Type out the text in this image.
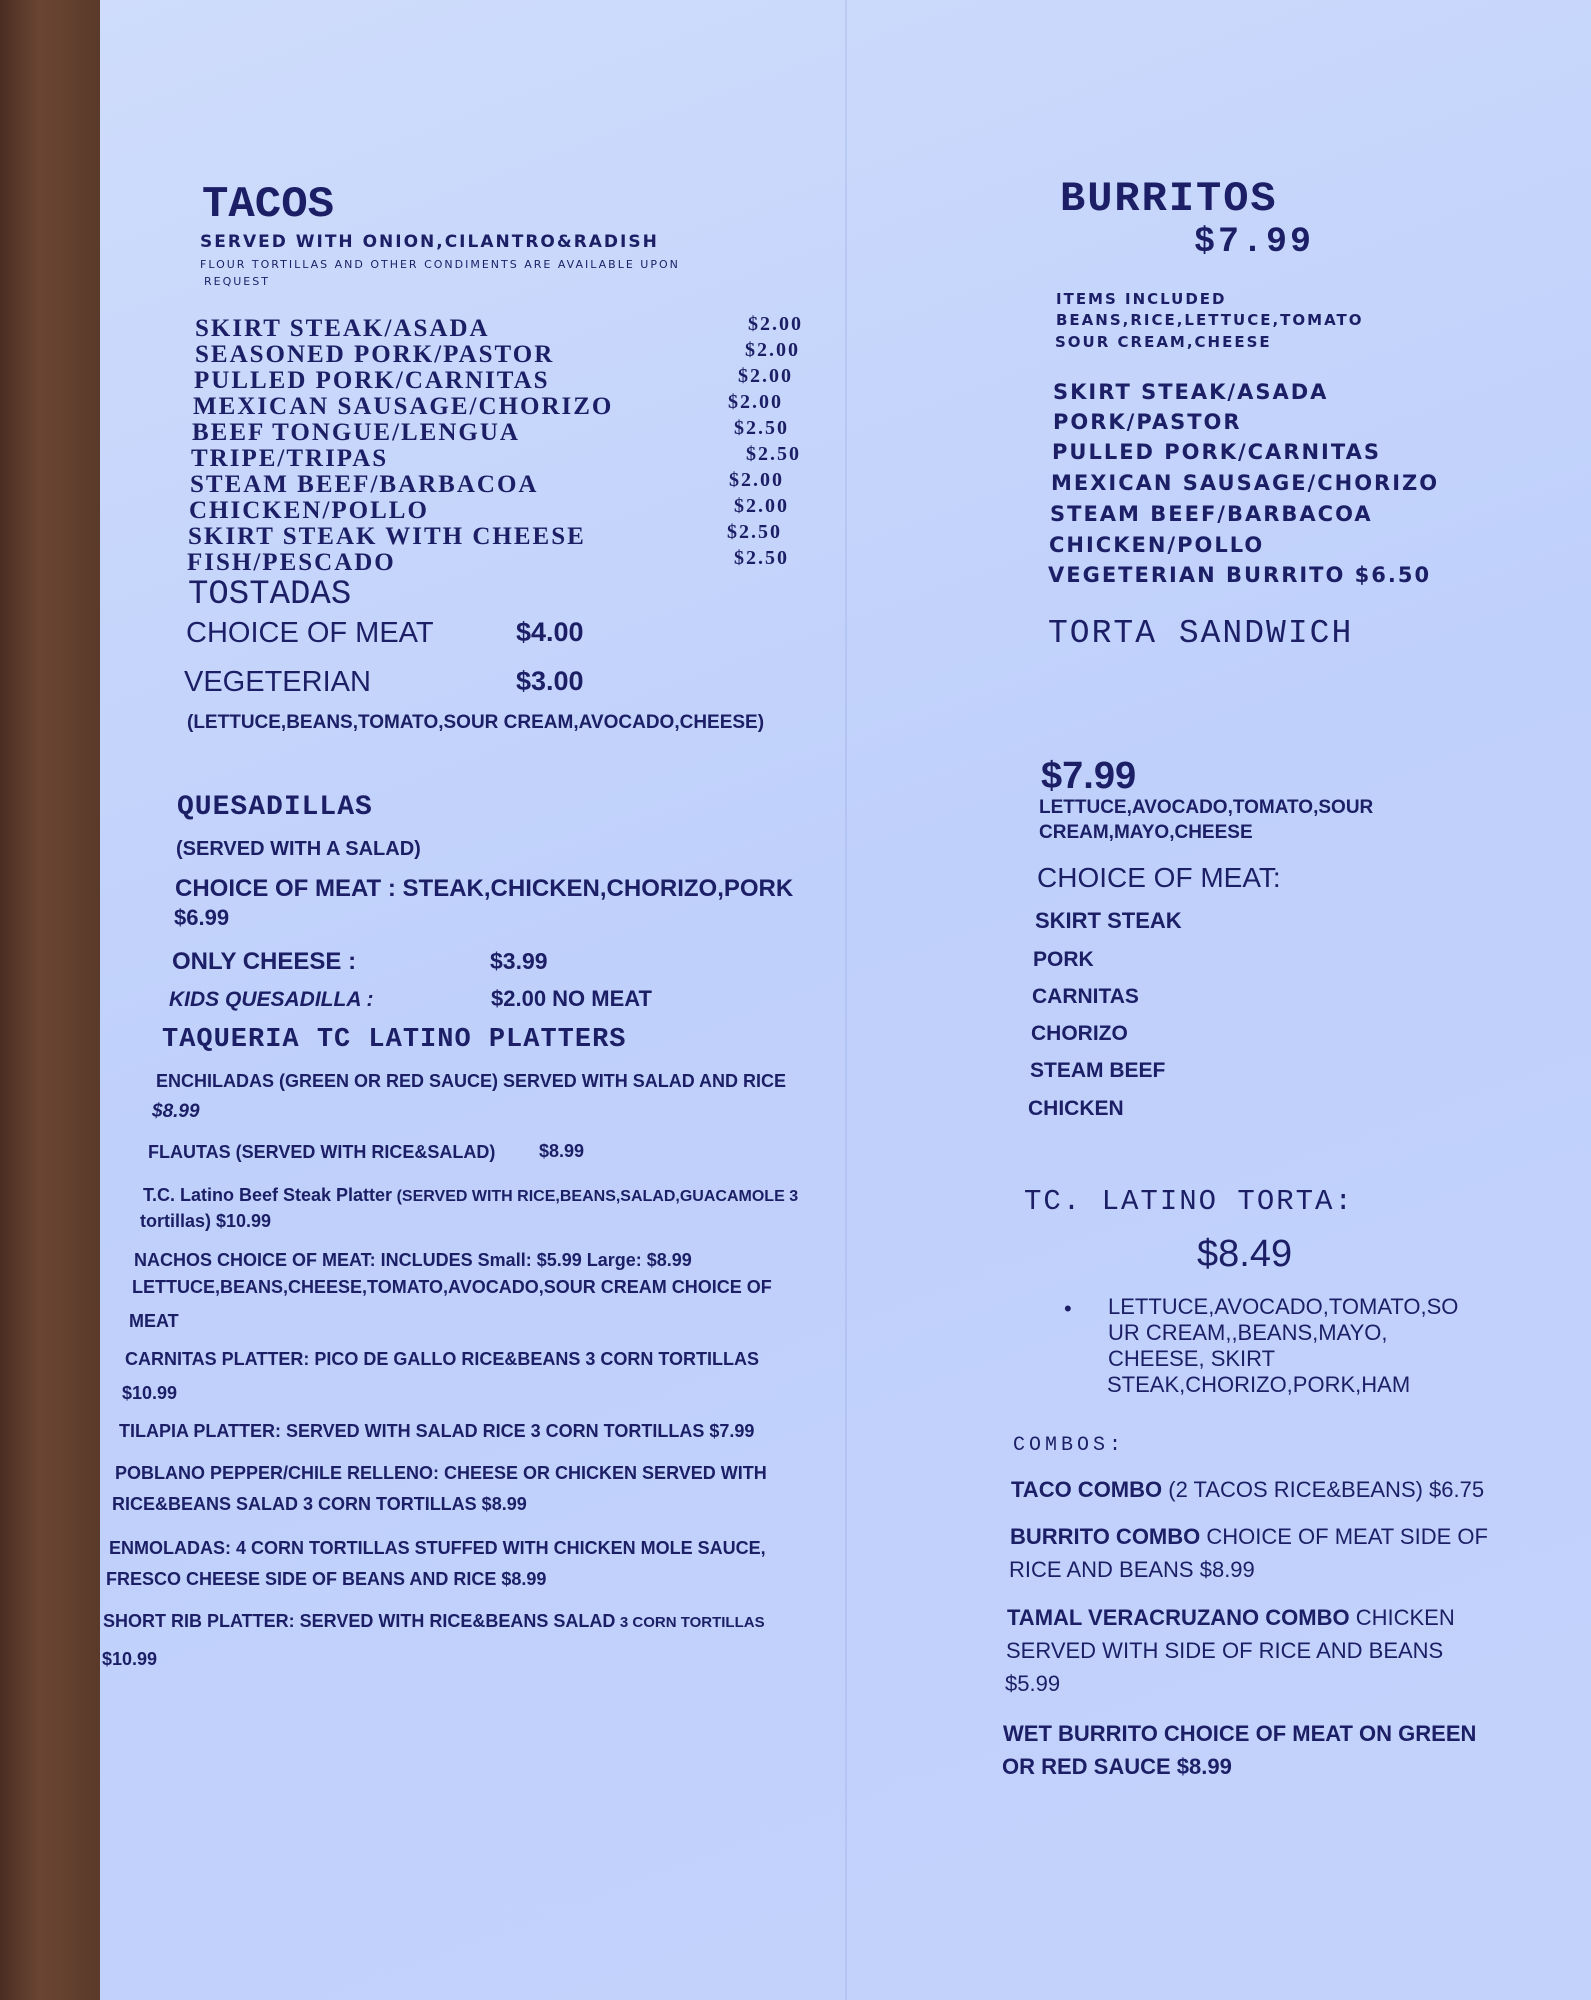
TACOS
SERVED WITH ONION,CILANTRO&RADISH
FLOUR TORTILLAS AND OTHER CONDIMENTS ARE AVAILABLE UPON
REQUEST
SKIRT STEAK/ASADA	$2.00
SEASONED PORK/PASTOR	$2.00
PULLED PORK/CARNITAS	$2.00
MEXICAN SAUSAGE/CHORIZO	$2.00
BEEF TONGUE/LENGUA	$2.50
TRIPE/TRIPAS	$2.50
STEAM BEEF/BARBACOA	$2.00
CHICKEN/POLLO	$2.00
SKIRT STEAK WITH CHEESE	$2.50
FISH/PESCADO	$2.50
TOSTADAS
CHOICE OF MEAT	$4.00
VEGETERIAN	$3.00
(LETTUCE,BEANS,TOMATO,SOUR CREAM,AVOCADO,CHEESE)
QUESADILLAS
(SERVED WITH A SALAD)
CHOICE OF MEAT : STEAK,CHICKEN,CHORIZO,PORK
$6.99
ONLY CHEESE :	$3.99
KIDS QUESADILLA :	$2.00 NO MEAT
TAQUERIA TC LATINO PLATTERS
ENCHILADAS (GREEN OR RED SAUCE) SERVED WITH SALAD AND RICE
$8.99
FLAUTAS (SERVED WITH RICE&SALAD) $8.99
T.C. Latino Beef Steak Platter (SERVED WITH RICE,BEANS,SALAD,GUACAMOLE 3
tortillas) $10.99
NACHOS CHOICE OF MEAT: INCLUDES Small: $5.99 Large: $8.99
LETTUCE,BEANS,CHEESE,TOMATO,AVOCADO,SOUR CREAM CHOICE OF
MEAT
CARNITAS PLATTER: PICO DE GALLO RICE&BEANS 3 CORN TORTILLAS
$10.99
TILAPIA PLATTER: SERVED WITH SALAD RICE 3 CORN TORTILLAS $7.99
POBLANO PEPPER/CHILE RELLENO: CHEESE OR CHICKEN SERVED WITH
RICE&BEANS SALAD 3 CORN TORTILLAS $8.99
ENMOLADAS: 4 CORN TORTILLAS STUFFED WITH CHICKEN MOLE SAUCE,
FRESCO CHEESE SIDE OF BEANS AND RICE $8.99
SHORT RIB PLATTER: SERVED WITH RICE&BEANS SALAD 3 CORN TORTILLAS
$10.99
BURRITOS
$7.99
ITEMS INCLUDED
BEANS,RICE,LETTUCE,TOMATO
SOUR CREAM,CHEESE
SKIRT STEAK/ASADA
PORK/PASTOR
PULLED PORK/CARNITAS
MEXICAN SAUSAGE/CHORIZO
STEAM BEEF/BARBACOA
CHICKEN/POLLO
VEGETERIAN BURRITO $6.50
TORTA SANDWICH
$7.99
LETTUCE,AVOCADO,TOMATO,SOUR
CREAM,MAYO,CHEESE
CHOICE OF MEAT:
SKIRT STEAK
PORK
CARNITAS
CHORIZO
STEAM BEEF
CHICKEN
TC. LATINO TORTA:
$8.49
• LETTUCE,AVOCADO,TOMATO,SO
UR CREAM,,BEANS,MAYO,
CHEESE, SKIRT
STEAK,CHORIZO,PORK,HAM
COMBOS:
TACO COMBO (2 TACOS RICE&BEANS) $6.75
BURRITO COMBO CHOICE OF MEAT SIDE OF
RICE AND BEANS $8.99
TAMAL VERACRUZANO COMBO CHICKEN
SERVED WITH SIDE OF RICE AND BEANS
$5.99
WET BURRITO CHOICE OF MEAT ON GREEN
OR RED SAUCE $8.99
